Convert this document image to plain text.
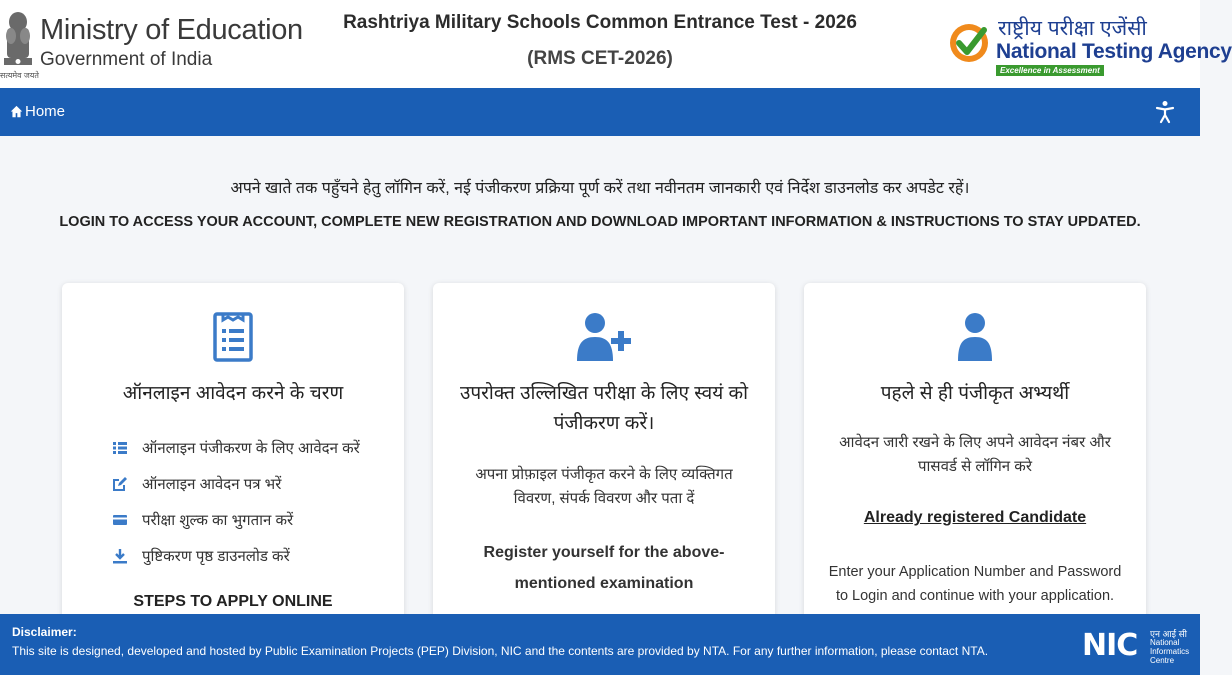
सत्यमेव जयते
Ministry of Education
Government of India
Rashtriya Military Schools Common Entrance Test - 2026
(RMS CET-2026)
राष्ट्रीय परीक्षा एजेंसी
National Testing Agency
Excellence in Assessment
Home
अपने खाते तक पहुँचने हेतु लॉगिन करें, नई पंजीकरण प्रक्रिया पूर्ण करें तथा नवीनतम जानकारी एवं निर्देश डाउनलोड कर अपडेट रहें।
LOGIN TO ACCESS YOUR ACCOUNT, COMPLETE NEW REGISTRATION AND DOWNLOAD IMPORTANT INFORMATION & INSTRUCTIONS TO STAY UPDATED.
ऑनलाइन आवेदन करने के चरण
ऑनलाइन पंजीकरण के लिए आवेदन करें
ऑनलाइन आवेदन पत्र भरें
परीक्षा शुल्क का भुगतान करें
पुष्टिकरण पृष्ठ डाउनलोड करें
STEPS TO APPLY ONLINE
उपरोक्त उल्लिखित परीक्षा के लिए स्वयं को पंजीकरण करें।
अपना प्रोफ़ाइल पंजीकृत करने के लिए व्यक्तिगत विवरण, संपर्क विवरण और पता दें
Register yourself for the above-mentioned examination
पहले से ही पंजीकृत अभ्यर्थी
आवेदन जारी रखने के लिए अपने आवेदन नंबर और पासवर्ड से लॉगिन करे
Already registered Candidate
Enter your Application Number and Password to Login and continue with your application.
Disclaimer:
This site is designed, developed and hosted by Public Examination Projects (PEP) Division, NIC and the contents are provided by NTA. For any further information, please contact NTA.	NIC एन आई सी
National Informatics Centre
